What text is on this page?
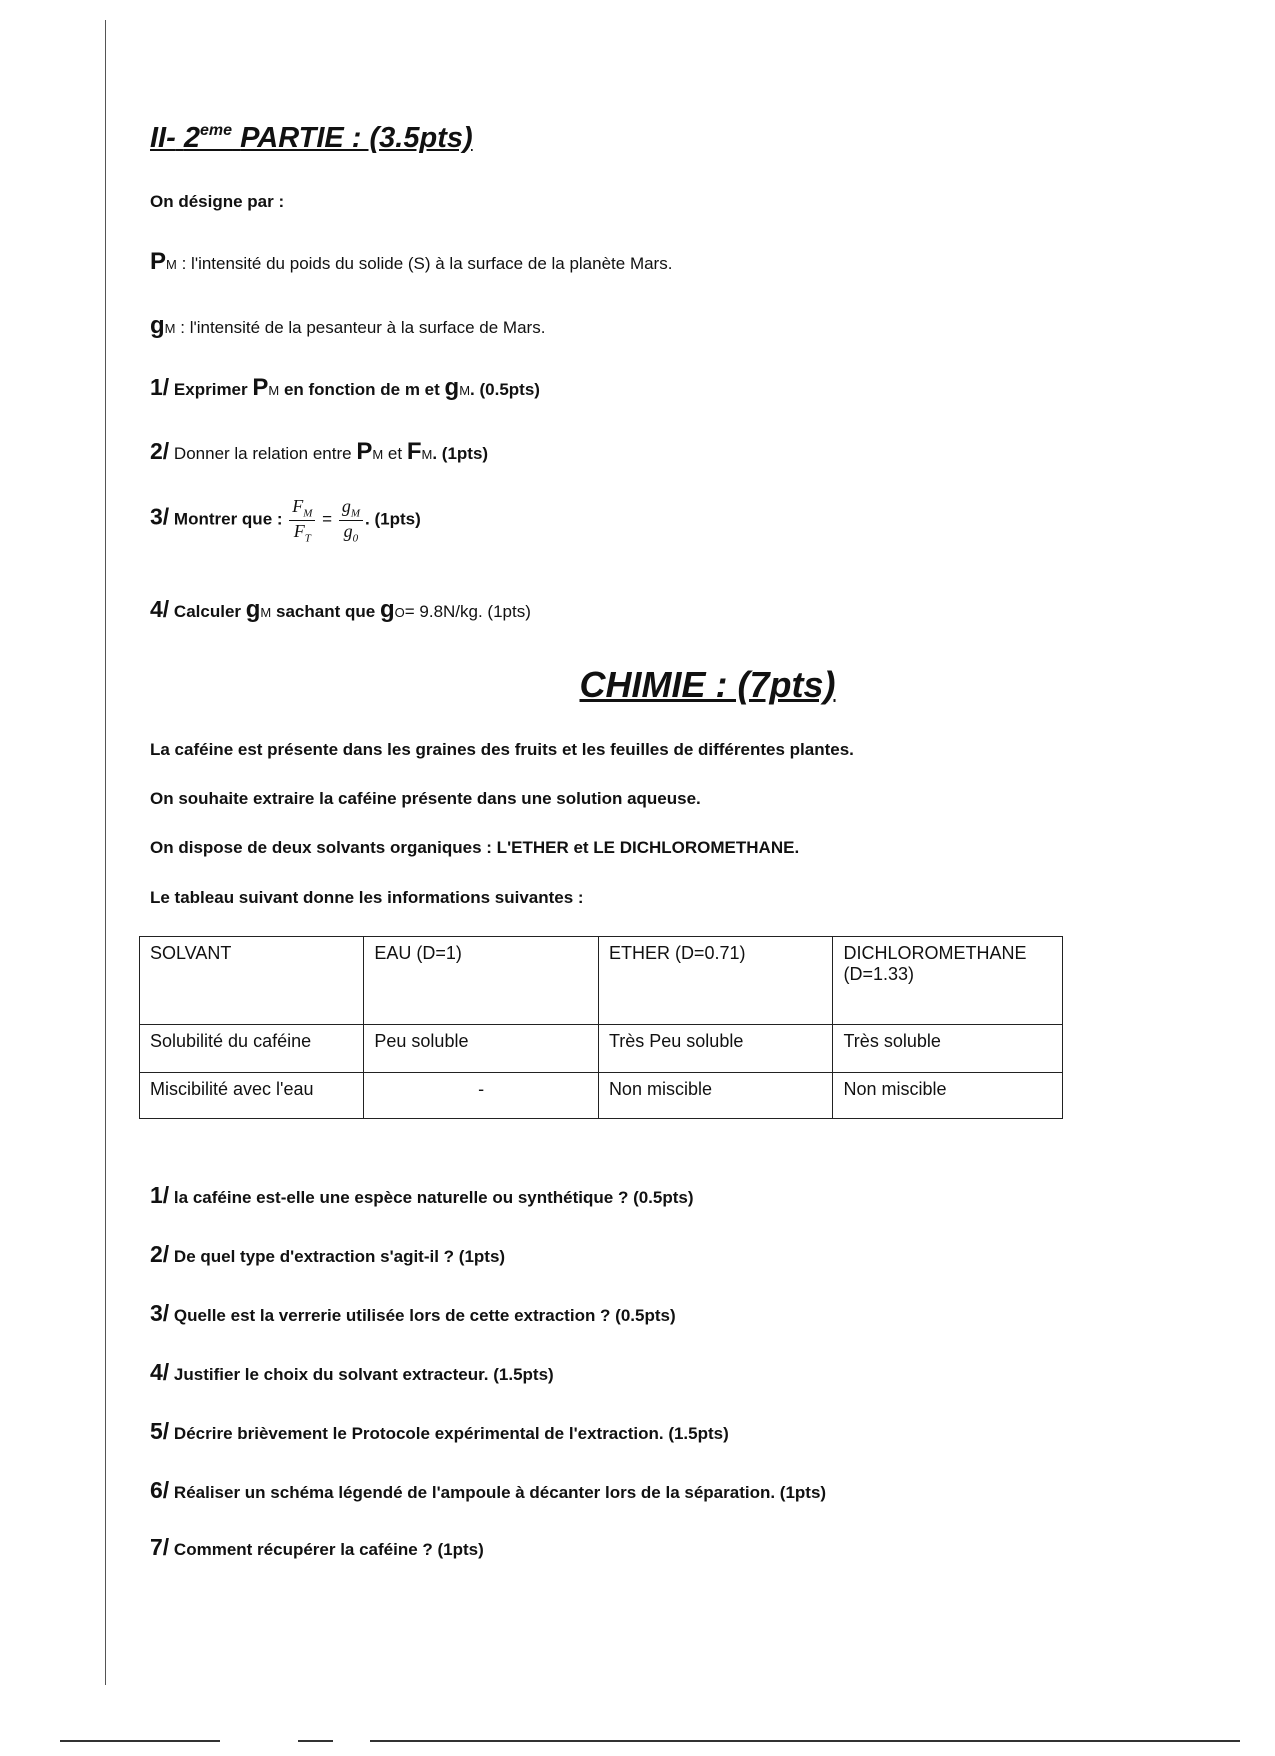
II- 2eme PARTIE : (3.5pts)
On désigne par :
PM : l'intensité du poids du solide (S) à la surface de la planète Mars.
gM : l'intensité de la pesanteur à la surface de Mars.
1/ Exprimer PM en fonction de m et gM. (0.5pts)
2/ Donner la relation entre PM et FM. (1pts)
3/ Montrer que : $\frac{F_M}{F_T} = \frac{g_M}{g_0}$ . (1pts)
4/ Calculer gM sachant que gO= 9.8N/kg. (1pts)
CHIMIE : (7pts)
La caféine est présente dans les graines des fruits et les feuilles de différentes plantes.
On souhaite extraire la caféine présente dans une solution aqueuse.
On dispose de deux solvants organiques : L'ETHER et LE DICHLOROMETHANE.
Le tableau suivant donne les informations suivantes :
SOLVANT	EAU (D=1)	ETHER (D=0.71)	DICHLOROMETHANE (D=1.33)
Solubilité du caféine	Peu soluble	Très Peu soluble	Très soluble
Miscibilité avec l'eau	-	Non miscible	Non miscible
1/ la caféine est-elle une espèce naturelle ou synthétique ? (0.5pts)
2/ De quel type d'extraction s'agit-il ? (1pts)
3/ Quelle est la verrerie utilisée lors de cette extraction ? (0.5pts)
4/ Justifier le choix du solvant extracteur. (1.5pts)
5/ Décrire brièvement le Protocole expérimental de l'extraction. (1.5pts)
6/ Réaliser un schéma légendé de l'ampoule à décanter lors de la séparation. (1pts)
7/ Comment récupérer la caféine ? (1pts)
